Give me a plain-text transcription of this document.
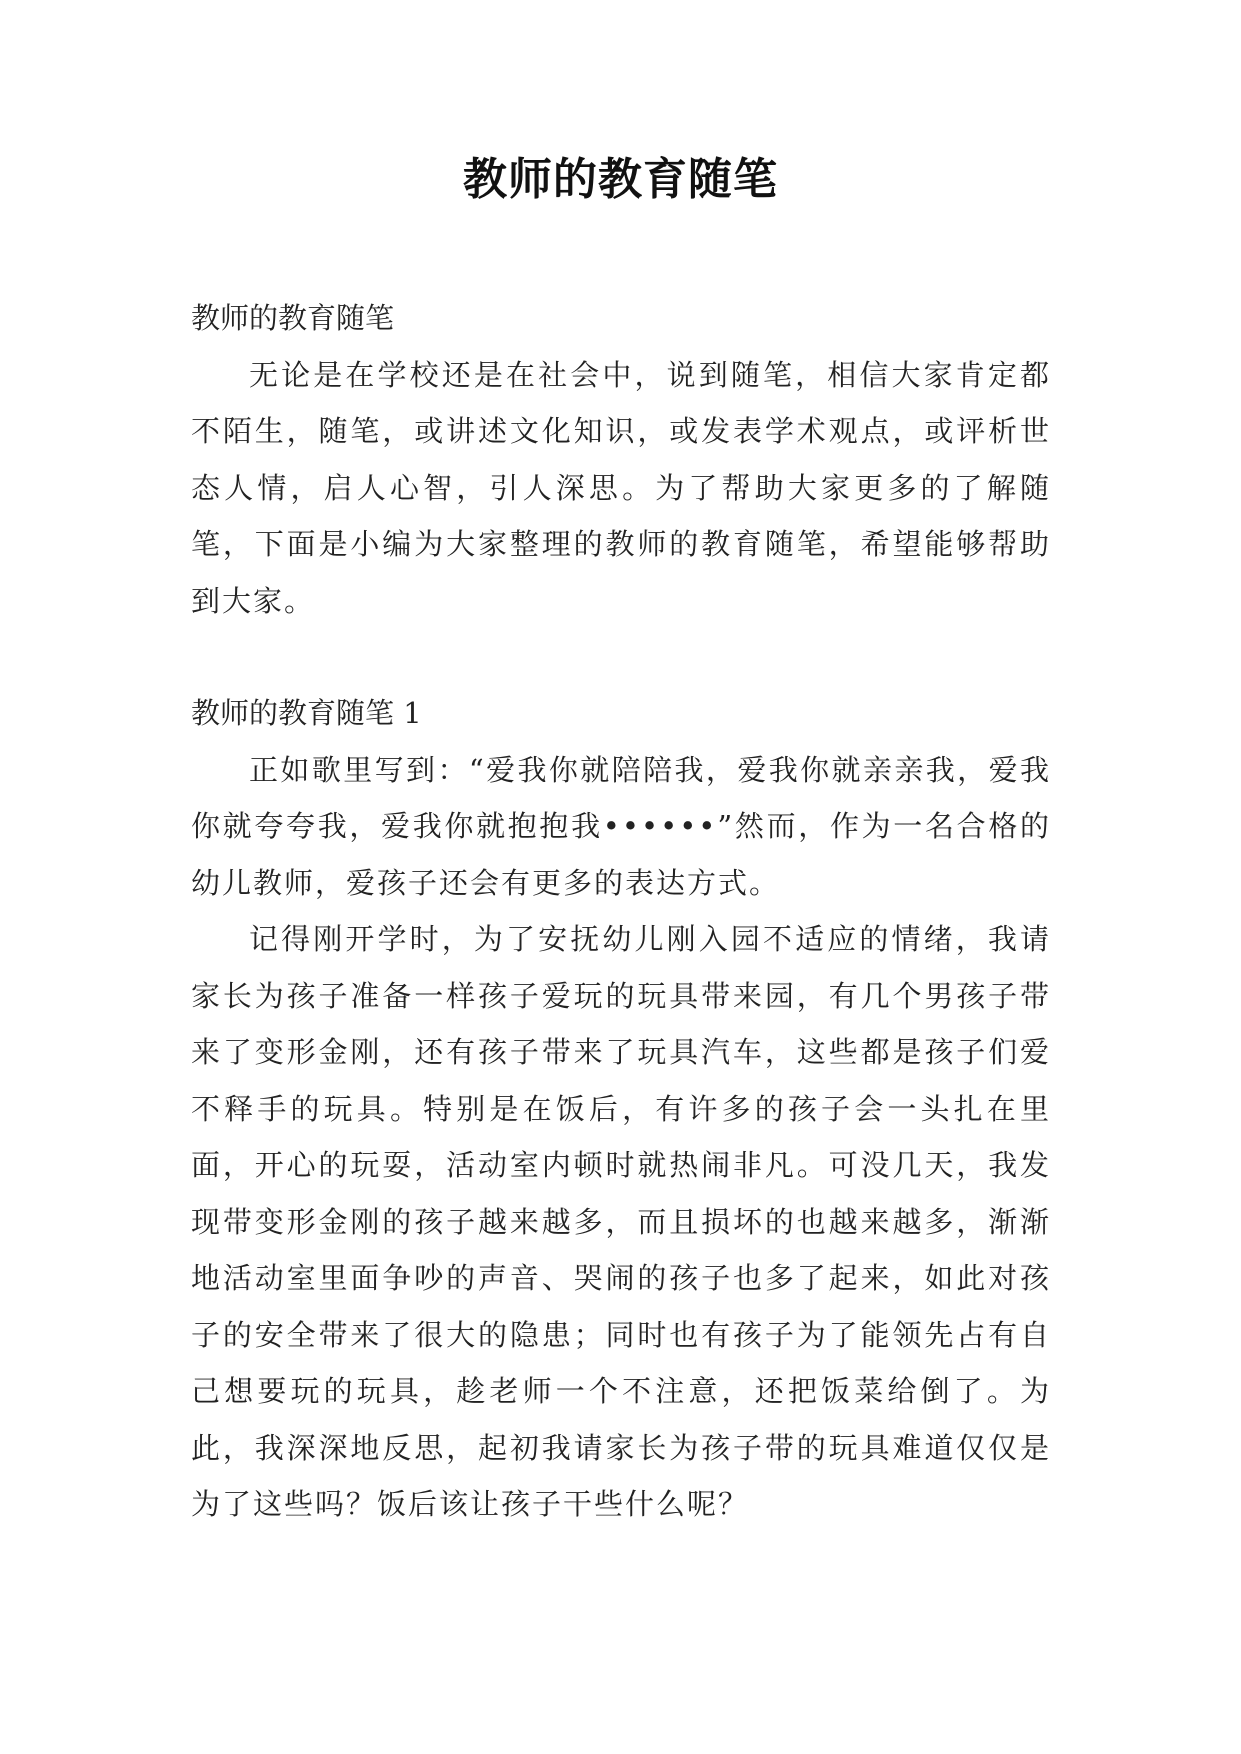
教师的教育随笔

教师的教育随笔

无论是在学校还是在社会中，说到随笔，相信大家肯定都不陌生，随笔，或讲述文化知识，或发表学术观点，或评析世态人情，启人心智，引人深思。为了帮助大家更多的了解随笔，下面是小编为大家整理的教师的教育随笔，希望能够帮助到大家。

教师的教育随笔 1

正如歌里写到：“爱我你就陪陪我，爱我你就亲亲我，爱我你就夸夸我，爱我你就抱抱我••••••”然而，作为一名合格的幼儿教师，爱孩子还会有更多的表达方式。

记得刚开学时，为了安抚幼儿刚入园不适应的情绪，我请家长为孩子准备一样孩子爱玩的玩具带来园，有几个男孩子带来了变形金刚，还有孩子带来了玩具汽车，这些都是孩子们爱不释手的玩具。特别是在饭后，有许多的孩子会一头扎在里面，开心的玩耍，活动室内顿时就热闹非凡。可没几天，我发现带变形金刚的孩子越来越多，而且损坏的也越来越多，渐渐地活动室里面争吵的声音、哭闹的孩子也多了起来，如此对孩子的安全带来了很大的隐患；同时也有孩子为了能领先占有自己想要玩的玩具，趁老师一个不注意，还把饭菜给倒了。为此，我深深地反思，起初我请家长为孩子带的玩具难道仅仅是为了这些吗？饭后该让孩子干些什么呢？
